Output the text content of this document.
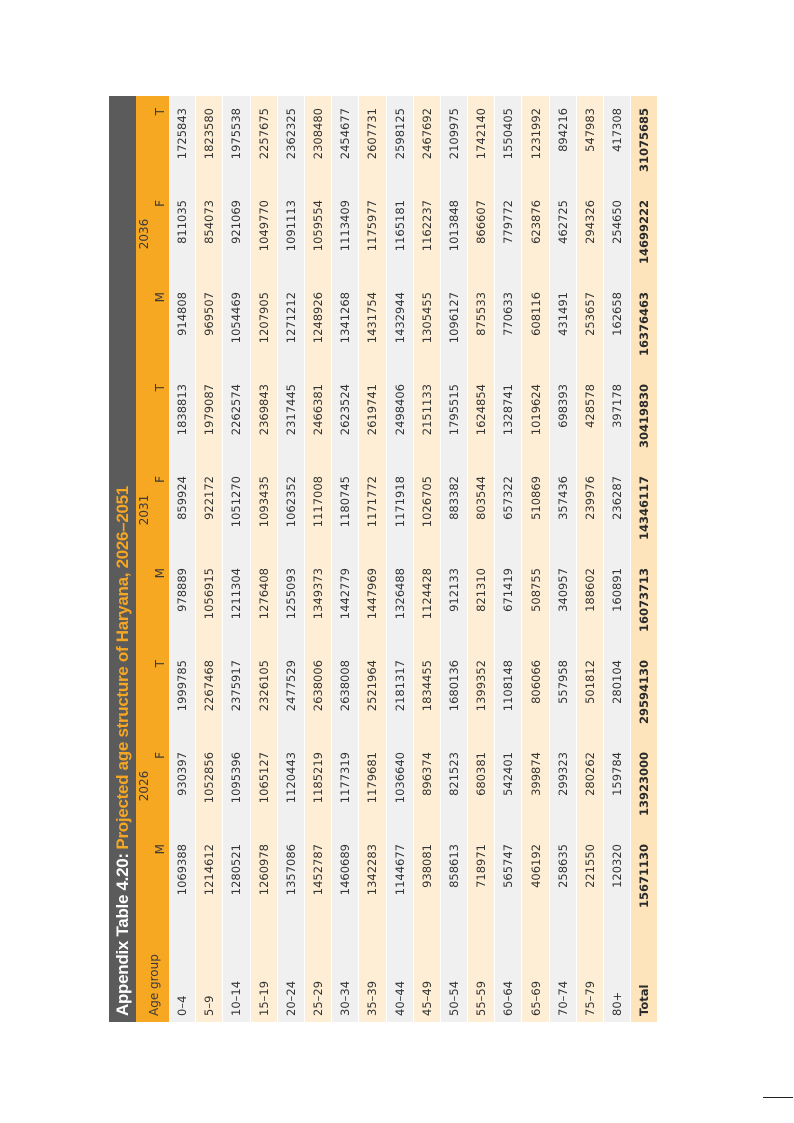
Appendix Table 4.20: Projected age structure of Haryana, 2026–2051									
Age group	2026			2031			2036		
	M	F	T	M	F	T	M	F	T
0–4	1069388	930397	1999785	978889	859924	1838813	914808	811035	1725843
5–9	1214612	1052856	2267468	1056915	922172	1979087	969507	854073	1823580
10–14	1280521	1095396	2375917	1211304	1051270	2262574	1054469	921069	1975538
15–19	1260978	1065127	2326105	1276408	1093435	2369843	1207905	1049770	2257675
20–24	1357086	1120443	2477529	1255093	1062352	2317445	1271212	1091113	2362325
25–29	1452787	1185219	2638006	1349373	1117008	2466381	1248926	1059554	2308480
30–34	1460689	1177319	2638008	1442779	1180745	2623524	1341268	1113409	2454677
35–39	1342283	1179681	2521964	1447969	1171772	2619741	1431754	1175977	2607731
40–44	1144677	1036640	2181317	1326488	1171918	2498406	1432944	1165181	2598125
45–49	938081	896374	1834455	1124428	1026705	2151133	1305455	1162237	2467692
50–54	858613	821523	1680136	912133	883382	1795515	1096127	1013848	2109975
55–59	718971	680381	1399352	821310	803544	1624854	875533	866607	1742140
60–64	565747	542401	1108148	671419	657322	1328741	770633	779772	1550405
65–69	406192	399874	806066	508755	510869	1019624	608116	623876	1231992
70–74	258635	299323	557958	340957	357436	698393	431491	462725	894216
75–79	221550	280262	501812	188602	239976	428578	253657	294326	547983
80+	120320	159784	280104	160891	236287	397178	162658	254650	417308
Total	15671130	13923000	29594130	16073713	14346117	30419830	16376463	14699222	31075685
